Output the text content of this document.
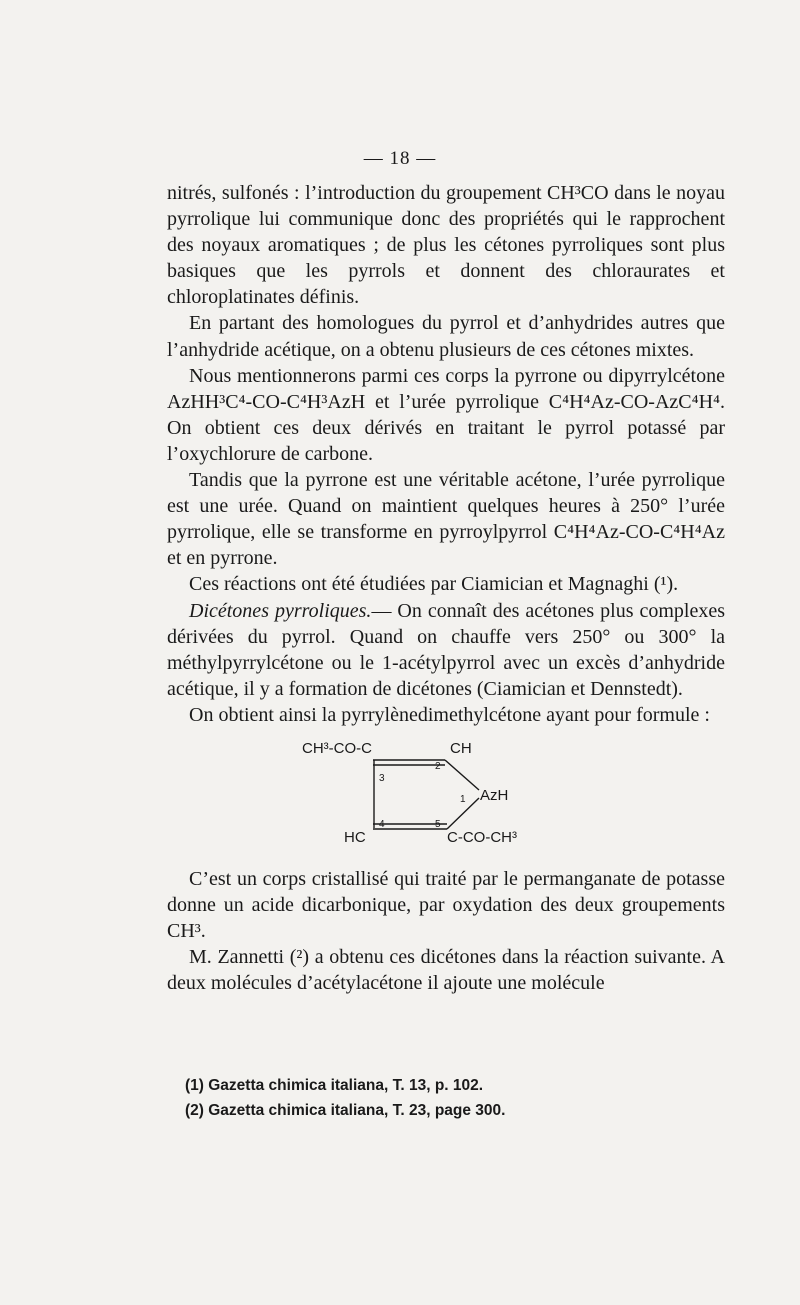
— 18 —

nitrés, sulfonés : l’introduction du groupement CH³CO dans le noyau pyrrolique lui communique donc des propriétés qui le rapprochent des noyaux aromatiques ; de plus les cétones pyrroliques sont plus basiques que les pyrrols et donnent des chloraurates et chloroplatinates définis.

En partant des homologues du pyrrol et d’anhydrides autres que l’anhydride acétique, on a obtenu plusieurs de ces cétones mixtes.

Nous mentionnerons parmi ces corps la pyrrone ou dipyrrylcétone AzHH³C⁴-CO-C⁴H³AzH et l’urée pyrrolique C⁴H⁴Az-CO-AzC⁴H⁴. On obtient ces deux dérivés en traitant le pyrrol potassé par l’oxychlorure de carbone.

Tandis que la pyrrone est une véritable acétone, l’urée pyrrolique est une urée. Quand on maintient quelques heures à 250° l’urée pyrrolique, elle se transforme en pyrroylpyrrol C⁴H⁴Az-CO-C⁴H⁴Az et en pyrrone.

Ces réactions ont été étudiées par Ciamician et Magnaghi (¹).

Dicétones pyrroliques.— On connaît des acétones plus complexes dérivées du pyrrol. Quand on chauffe vers 250° ou 300° la méthylpyrrylcétone ou le 1-acétylpyrrol avec un excès d’anhydride acétique, il y a formation de dicétones (Ciamician et Dennstedt).

On obtient ainsi la pyrrylènedimethylcétone ayant pour formule :

CH³-CO-C	CH
AzH
HC	C-CO-CH³
3
2
1
4	5

C’est un corps cristallisé qui traité par le permanganate de potasse donne un acide dicarbonique, par oxydation des deux groupements CH³.

M. Zannetti (²) a obtenu ces dicétones dans la réaction suivante. A deux molécules d’acétylacétone il ajoute une molécule

(1) Gazetta chimica italiana, T. 13, p. 102.
(2) Gazetta chimica italiana, T. 23, page 300.
